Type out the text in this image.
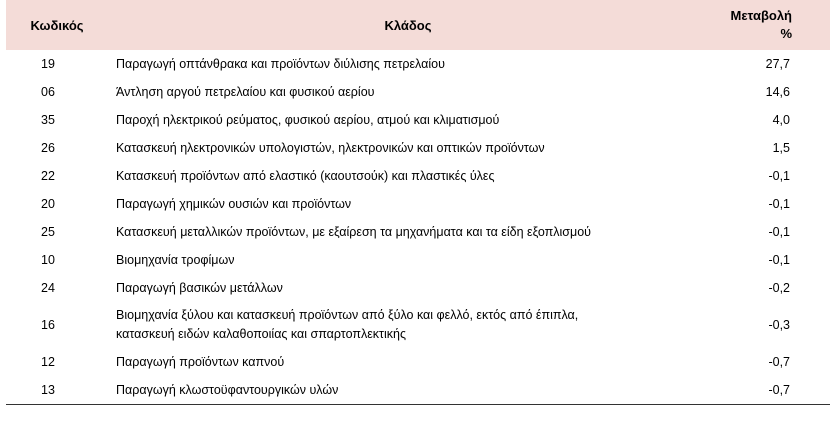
Κωδικός	Κλάδος	Μεταβολή
%

19	Παραγωγή οπτάνθρακα και προϊόντων διύλισης πετρελαίου	27,7
06	Άντληση αργού πετρελαίου και φυσικού αερίου	14,6
35	Παροχή ηλεκτρικού ρεύματος, φυσικού αερίου, ατμού και κλιματισμού	4,0
26	Κατασκευή ηλεκτρονικών υπολογιστών, ηλεκτρονικών και οπτικών προϊόντων	1,5
22	Κατασκευή προϊόντων από ελαστικό (καουτσούκ) και πλαστικές ύλες	-0,1
20	Παραγωγή χημικών ουσιών και προϊόντων	-0,1
25	Κατασκευή μεταλλικών προϊόντων, με εξαίρεση τα μηχανήματα και τα είδη εξοπλισμού	-0,1
10	Βιομηχανία τροφίμων	-0,1
24	Παραγωγή βασικών μετάλλων	-0,2
16	Βιομηχανία ξύλου και κατασκευή προϊόντων από ξύλο και φελλό, εκτός από έπιπλα,
κατασκευή ειδών καλαθοποιίας και σπαρτοπλεκτικής	-0,3
12	Παραγωγή προϊόντων καπνού	-0,7
13	Παραγωγή κλωστοϋφαντουργικών υλών	-0,7
